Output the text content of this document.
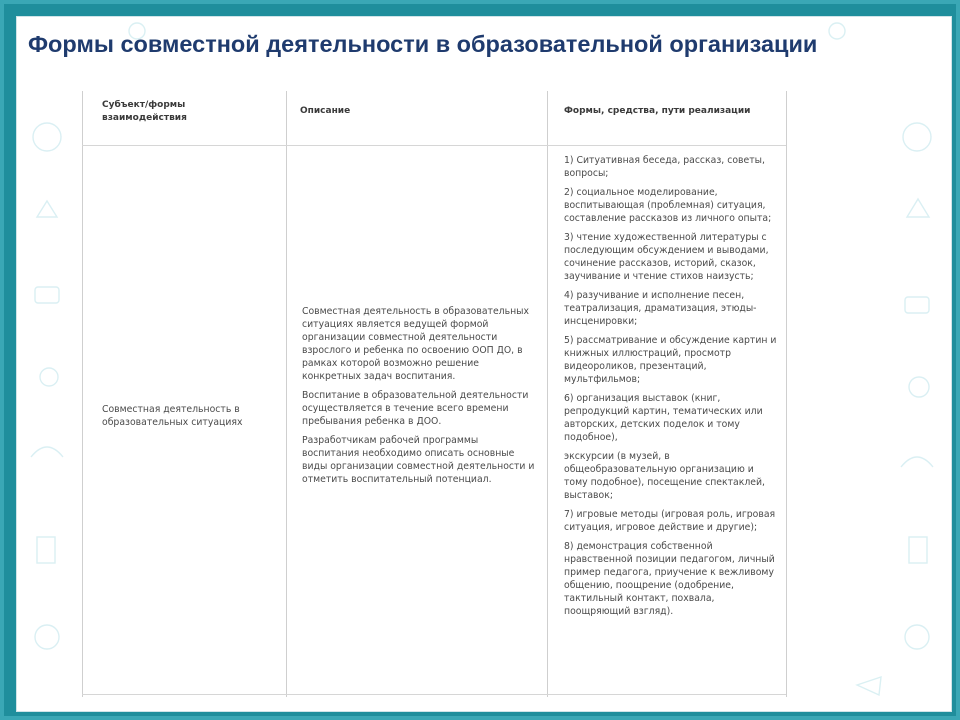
Формы совместной деятельности в образовательной организации
Субъект/формы взаимодействия
Описание	Формы, средства, пути реализации
Совместная деятельность в образовательных ситуациях

Совместная деятельность в образовательных ситуациях является ведущей формой организации совместной деятельности взрослого и ребенка по освоению ООП ДО, в рамках которой возможно решение конкретных задач воспитания.

Воспитание в образовательной деятельности осуществляется в течение всего времени пребывания ребенка в ДОО.

Разработчикам рабочей программы воспитания необходимо описать основные виды организации совместной деятельности и отметить воспитательный потенциал.

1) Ситуативная беседа, рассказ, советы, вопросы;

2) социальное моделирование, воспитывающая (проблемная) ситуация, составление рассказов из личного опыта;

3) чтение художественной литературы с последующим обсуждением и выводами, сочинение рассказов, историй, сказок, заучивание и чтение стихов наизусть;

4) разучивание и исполнение песен, театрализация, драматизация, этюды- инсценировки;

5) рассматривание и обсуждение картин и книжных иллюстраций, просмотр видеороликов, презентаций, мультфильмов;

6) организация выставок (книг, репродукций картин, тематических или авторских, детских поделок и тому подобное),

экскурсии (в музей, в общеобразовательную организацию и тому подобное), посещение спектаклей, выставок;

7) игровые методы (игровая роль, игровая ситуация, игровое действие и другие);

8) демонстрация собственной нравственной позиции педагогом, личный пример педагога, приучение к вежливому общению, поощрение (одобрение, тактильный контакт, похвала, поощряющий взгляд).
